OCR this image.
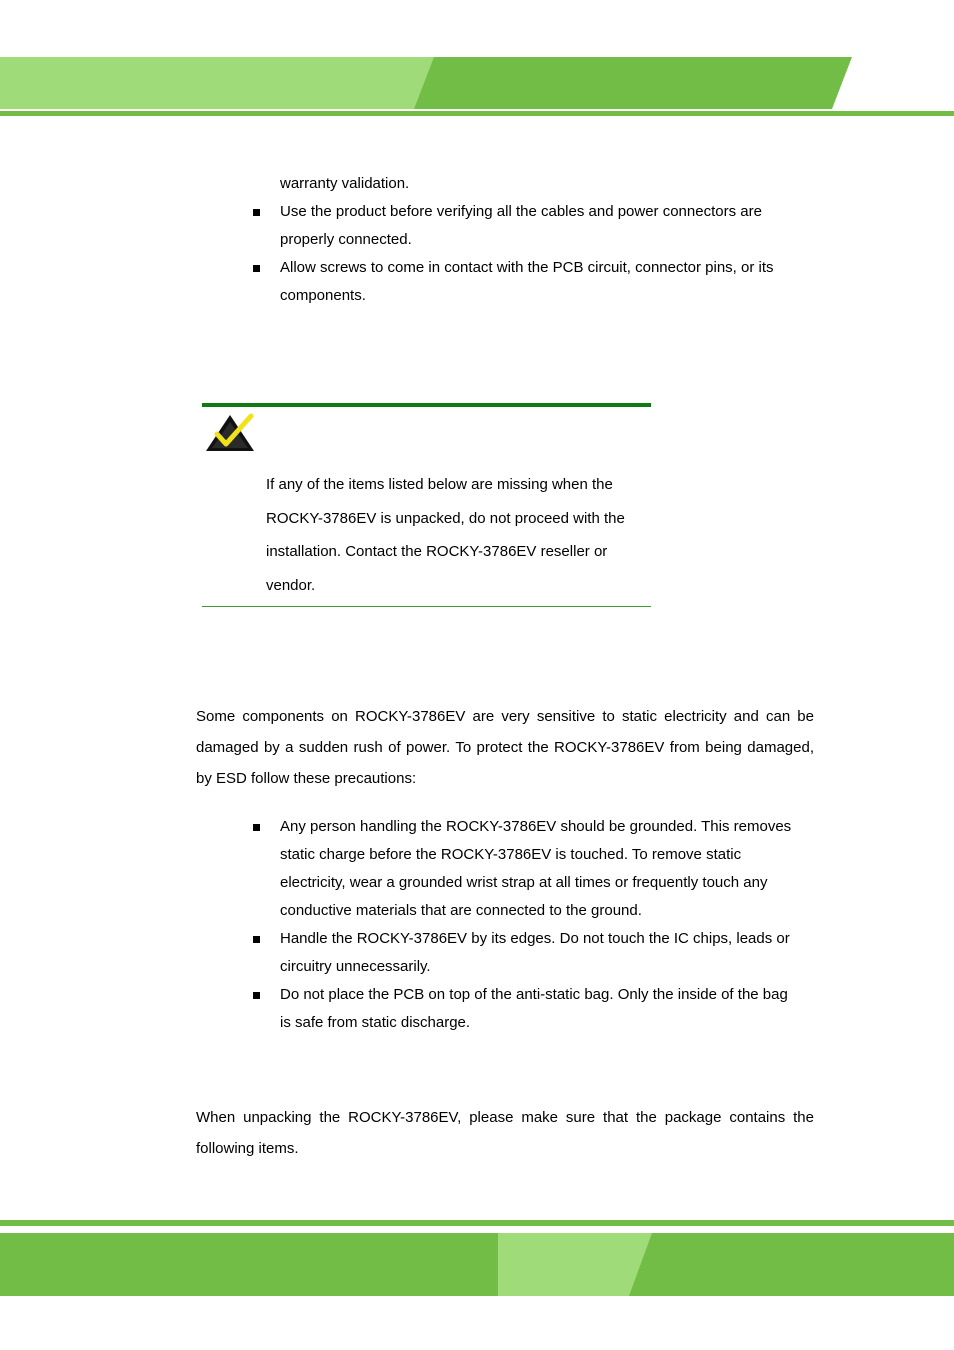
warranty validation.
Use the product before verifying all the cables and power connectors are
properly connected.
Allow screws to come in contact with the PCB circuit, connector pins, or its
components.
If any of the items listed below are missing when the
ROCKY-3786EV is unpacked, do not proceed with the
installation. Contact the ROCKY-3786EV reseller or
vendor.
Some components on ROCKY-3786EV are very sensitive to static electricity and can be damaged by a sudden rush of power. To protect the ROCKY-3786EV from being damaged, by ESD follow these precautions:
Any person handling the ROCKY-3786EV should be grounded. This removes
static charge before the ROCKY-3786EV is touched. To remove static
electricity, wear a grounded wrist strap at all times or frequently touch any
conductive materials that are connected to the ground.
Handle the ROCKY-3786EV by its edges. Do not touch the IC chips, leads or
circuitry unnecessarily.
Do not place the PCB on top of the anti-static bag. Only the inside of the bag
is safe from static discharge.
When unpacking the ROCKY-3786EV, please make sure that the package contains the following items.
